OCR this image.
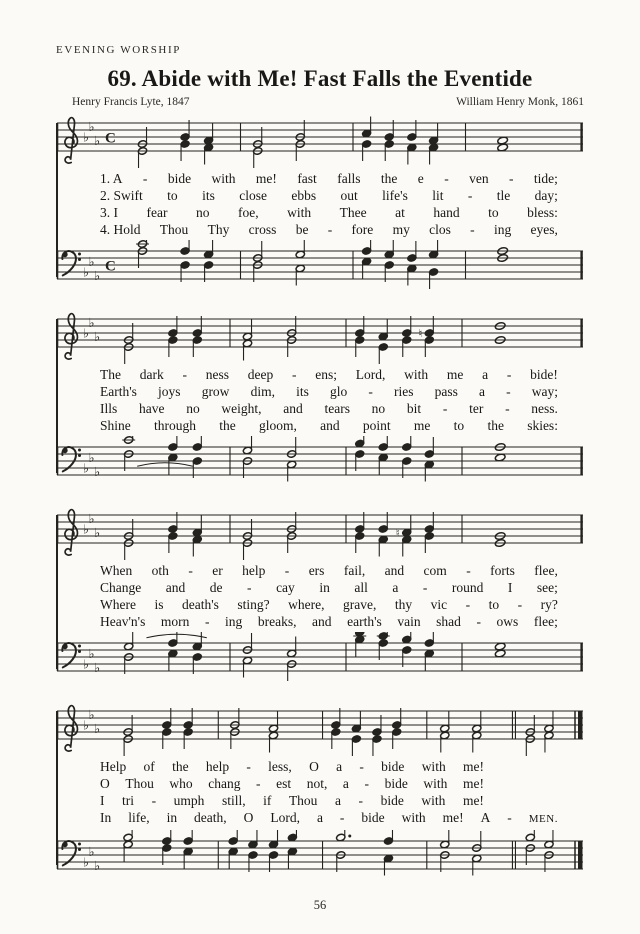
EVENING WORSHIP
69. Abide with Me! Fast Falls the Eventide
Henry Francis Lyte, 1847	William Henry Monk, 1861
♭
♭
♭ C
1. A - bide with me! fast falls the e - ven - tide;
2. Swift to its close ebbs out life's lit - tle day;
3. I fear no foe, with Thee at hand to bless:
4. Hold Thou Thy cross be - fore my clos - ing eyes,
♭
♭
♭
C
♭
♭
♭	♮
The dark - ness deep - ens; Lord, with me a - bide!
Earth's joys grow dim, its glo - ries pass a - way;
Ills have no weight, and tears no bit - ter - ness.
Shine through the gloom, and point me to the skies:
♭
♭
♭
♭
♭
♭	♮
When oth - er help - ers fail, and com - forts flee,
Change and de - cay in all a - round I see;
Where is death's sting? where, grave, thy vic - to - ry?
Heav'n's morn - ing breaks, and earth's vain shad - ows flee;
♭
♭
♭
♭
♭
♭
Help of the help - less, O a - bide with me!
O Thou who chang - est not, a - bide with me!
I tri - umph still, if Thou a - bide with me!
In life, in death, O Lord, a - bide with me! A - MEN.
♭
♭
♭
56
